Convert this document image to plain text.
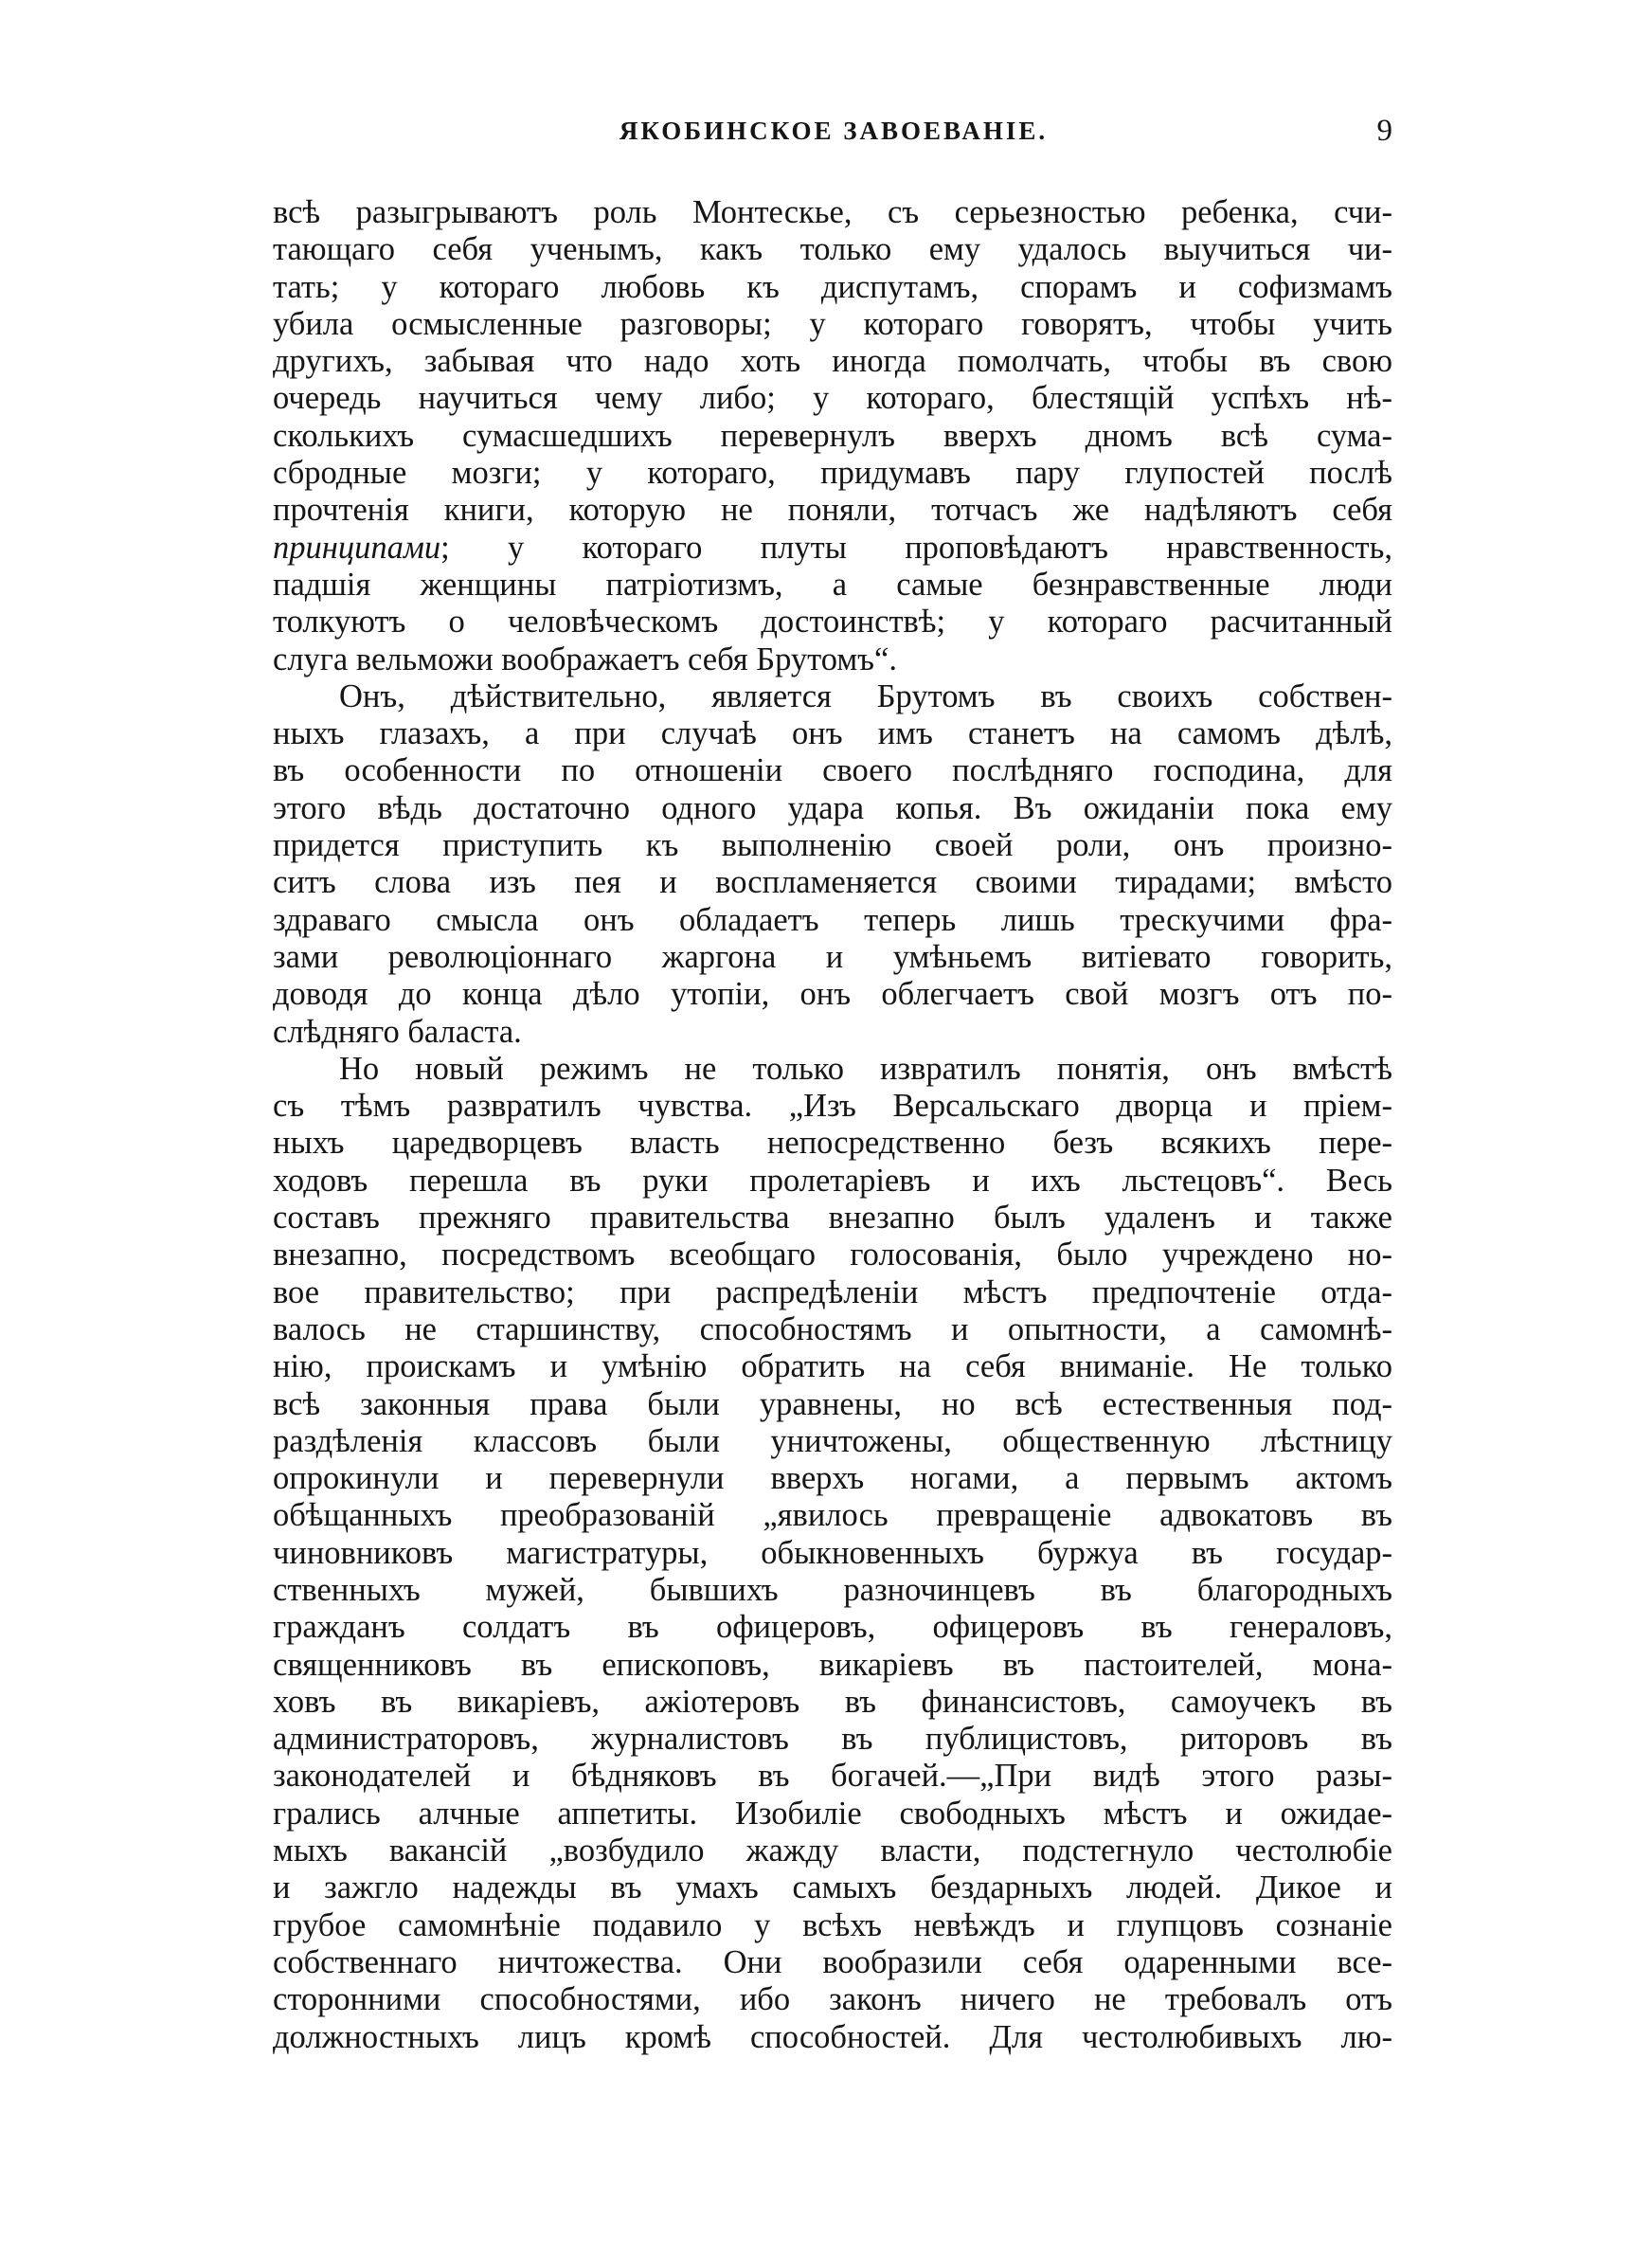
ЯКОБИНСКОЕ ЗАВОЕВАНІЕ.	9
всѣ разыгрываютъ роль Монтескье, съ серьезностью ребенка, счи-
тающаго себя ученымъ, какъ только ему удалось выучиться чи-
тать; у котораго любовь къ диспутамъ, спорамъ и софизмамъ
убила осмысленные разговоры; у котораго говорятъ, чтобы учить
другихъ, забывая что надо хоть иногда помолчать, чтобы въ свою
очередь научиться чему либо; у котораго, блестящій успѣхъ нѣ-
сколькихъ сумасшедшихъ перевернулъ вверхъ дномъ всѣ сума-
сбродные мозги; у котораго, придумавъ пару глупостей послѣ
прочтенія книги, которую не поняли, тотчасъ же надѣляютъ себя
принципами; у котораго плуты проповѣдаютъ нравственность,
падшія женщины патріотизмъ, а самые безнравственные люди
толкуютъ о человѣческомъ достоинствѣ; у котораго расчитанный
слуга вельможи воображаетъ себя Брутомъ“.
Онъ, дѣйствительно, является Брутомъ въ своихъ собствен-
ныхъ глазахъ, а при случаѣ онъ имъ станетъ на самомъ дѣлѣ,
въ особенности по отношеніи своего послѣдняго господина, для
этого вѣдь достаточно одного удара копья. Въ ожиданіи пока ему
придется приступить къ выполненію своей роли, онъ произно-
ситъ слова изъ пея и воспламеняется своими тирадами; вмѣсто
здраваго смысла онъ обладаетъ теперь лишь трескучими фра-
зами революціоннаго жаргона и умѣньемъ витіевато говорить,
доводя до конца дѣло утопіи, онъ облегчаетъ свой мозгъ отъ по-
слѣдняго баласта.
Но новый режимъ не только извратилъ понятія, онъ вмѣстѣ
съ тѣмъ развратилъ чувства. „Изъ Версальскаго дворца и пріем-
ныхъ царедворцевъ власть непосредственно безъ всякихъ пере-
ходовъ перешла въ руки пролетаріевъ и ихъ льстецовъ“. Весь
составъ прежняго правительства внезапно былъ удаленъ и также
внезапно, посредствомъ всеобщаго голосованія, было учреждено но-
вое правительство; при распредѣленіи мѣстъ предпочтеніе отда-
валось не старшинству, способностямъ и опытности, а самомнѣ-
нію, проискамъ и умѣнію обратить на себя вниманіе. Не только
всѣ законныя права были уравнены, но всѣ естественныя под-
раздѣленія классовъ были уничтожены, общественную лѣстницу
опрокинули и перевернули вверхъ ногами, а первымъ актомъ
обѣщанныхъ преобразованій „явилось превращеніе адвокатовъ въ
чиновниковъ магистратуры, обыкновенныхъ буржуа въ государ-
ственныхъ мужей, бывшихъ разночинцевъ въ благородныхъ
гражданъ солдатъ въ офицеровъ, офицеровъ въ генераловъ,
священниковъ въ епископовъ, викаріевъ въ пастоителей, мона-
ховъ въ викаріевъ, ажіотеровъ въ финансистовъ, самоучекъ въ
администраторовъ, журналистовъ въ публицистовъ, риторовъ въ
законодателей и бѣдняковъ въ богачей.—„При видѣ этого разы-
грались алчные аппетиты. Изобиліе свободныхъ мѣстъ и ожидае-
мыхъ вакансій „возбудило жажду власти, подстегнуло честолюбіе
и зажгло надежды въ умахъ самыхъ бездарныхъ людей. Дикое и
грубое самомнѣніе подавило у всѣхъ невѣждъ и глупцовъ сознаніе
собственнаго ничтожества. Они вообразили себя одаренными все-
сторонними способностями, ибо законъ ничего не требовалъ отъ
должностныхъ лицъ кромѣ способностей. Для честолюбивыхъ лю-
